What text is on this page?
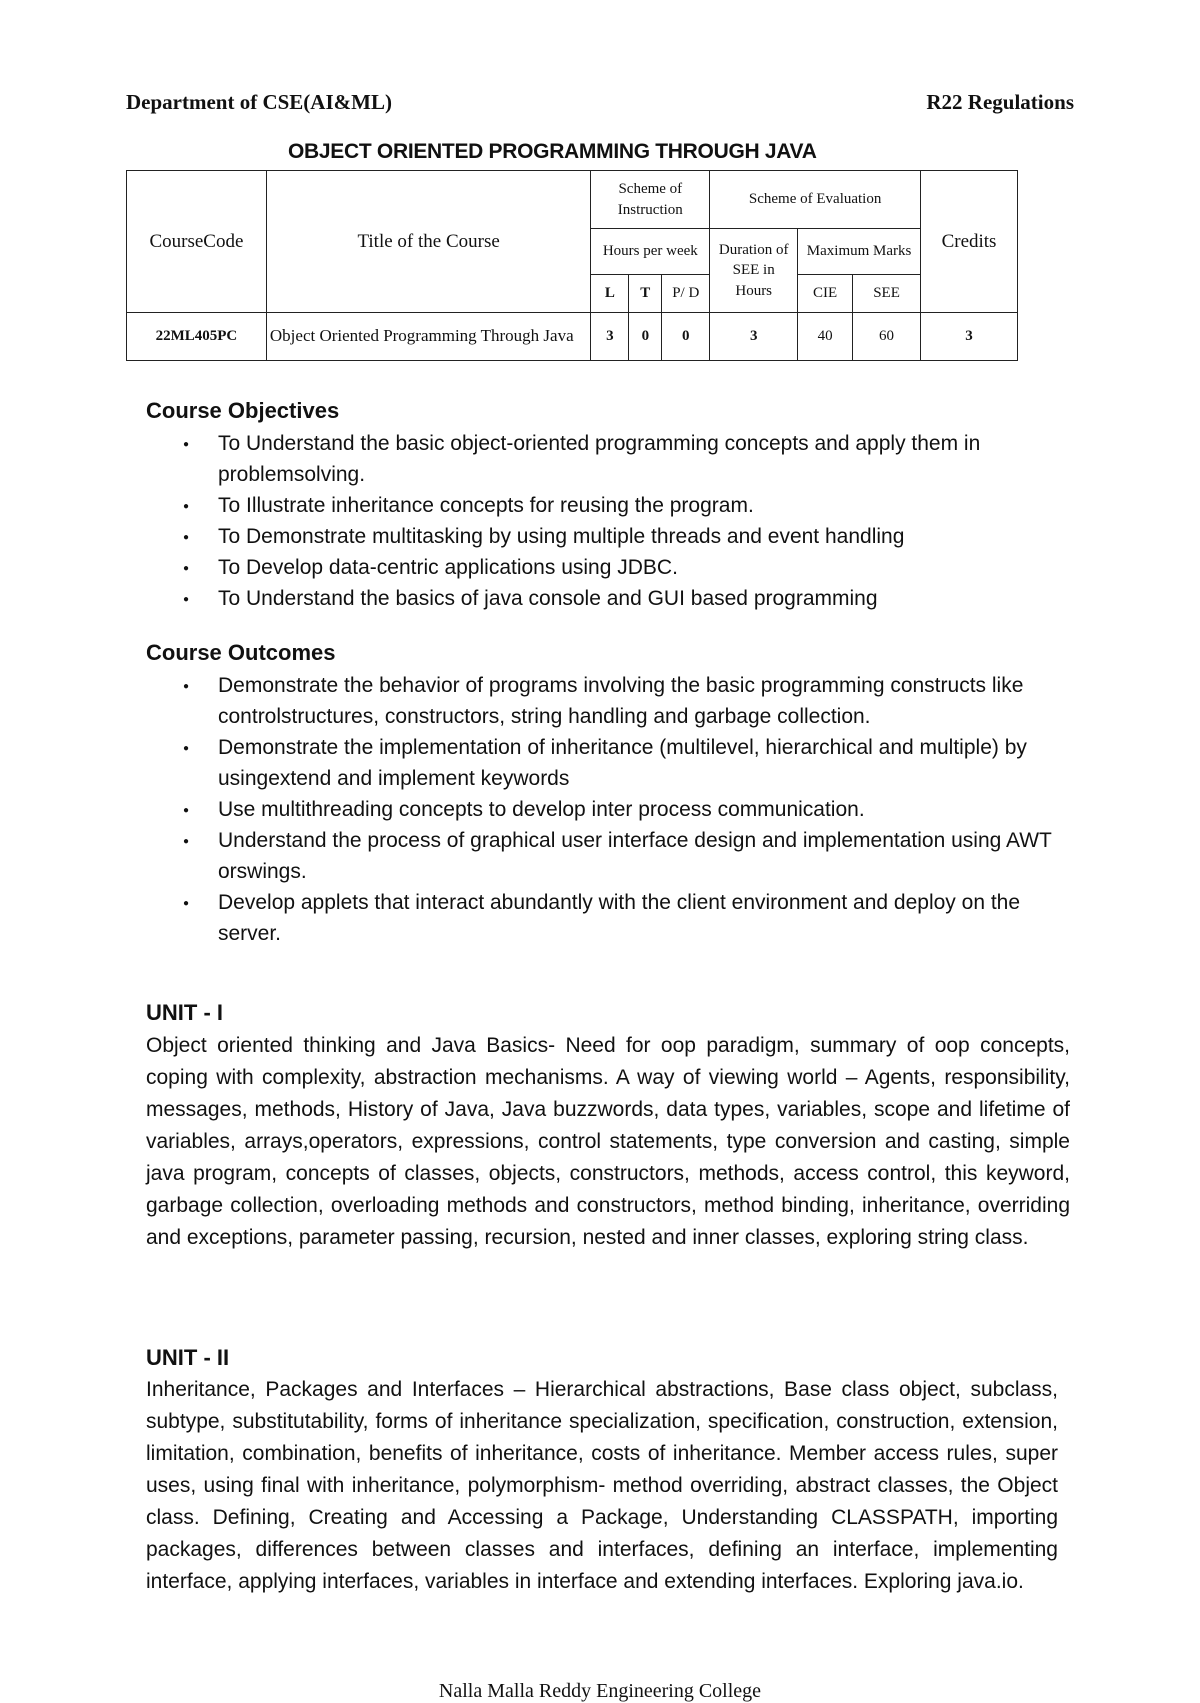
Department of CSE(AI&ML)	R22 Regulations
OBJECT ORIENTED PROGRAMMING THROUGH JAVA
CourseCode	Title of the Course	Scheme of Instruction			Scheme of Evaluation			Credits
		Hours per week			Duration of SEE in Hours	Maximum Marks		
		L	T	P/ D		CIE	SEE	
22ML405PC	Object Oriented Programming Through Java	3	0	0	3	40	60	3
Course Objectives
● To Understand the basic object-oriented programming concepts and apply them in problemsolving.
● To Illustrate inheritance concepts for reusing the program.
● To Demonstrate multitasking by using multiple threads and event handling
● To Develop data-centric applications using JDBC.
● To Understand the basics of java console and GUI based programming
Course Outcomes
● Demonstrate the behavior of programs involving the basic programming constructs like controlstructures, constructors, string handling and garbage collection.
● Demonstrate the implementation of inheritance (multilevel, hierarchical and multiple) by usingextend and implement keywords
● Use multithreading concepts to develop inter process communication.
● Understand the process of graphical user interface design and implementation using AWT orswings.
● Develop applets that interact abundantly with the client environment and deploy on the server.
UNIT - I
Object oriented thinking and Java Basics- Need for oop paradigm, summary of oop concepts, coping with complexity, abstraction mechanisms. A way of viewing world – Agents, responsibility, messages, methods, History of Java, Java buzzwords, data types, variables, scope and lifetime of variables, arrays,operators, expressions, control statements, type conversion and casting, simple java program, concepts of classes, objects, constructors, methods, access control, this keyword, garbage collection, overloading methods and constructors, method binding, inheritance, overriding and exceptions, parameter passing, recursion, nested and inner classes, exploring string class.
UNIT - II
Inheritance, Packages and Interfaces – Hierarchical abstractions, Base class object, subclass, subtype, substitutability, forms of inheritance specialization, specification, construction, extension, limitation, combination, benefits of inheritance, costs of inheritance. Member access rules, super uses, using final with inheritance, polymorphism- method overriding, abstract classes, the Object class. Defining, Creating and Accessing a Package, Understanding CLASSPATH, importing packages, differences between classes and interfaces, defining an interface, implementing interface, applying interfaces, variables in interface and extending interfaces. Exploring java.io.
Nalla Malla Reddy Engineering College
